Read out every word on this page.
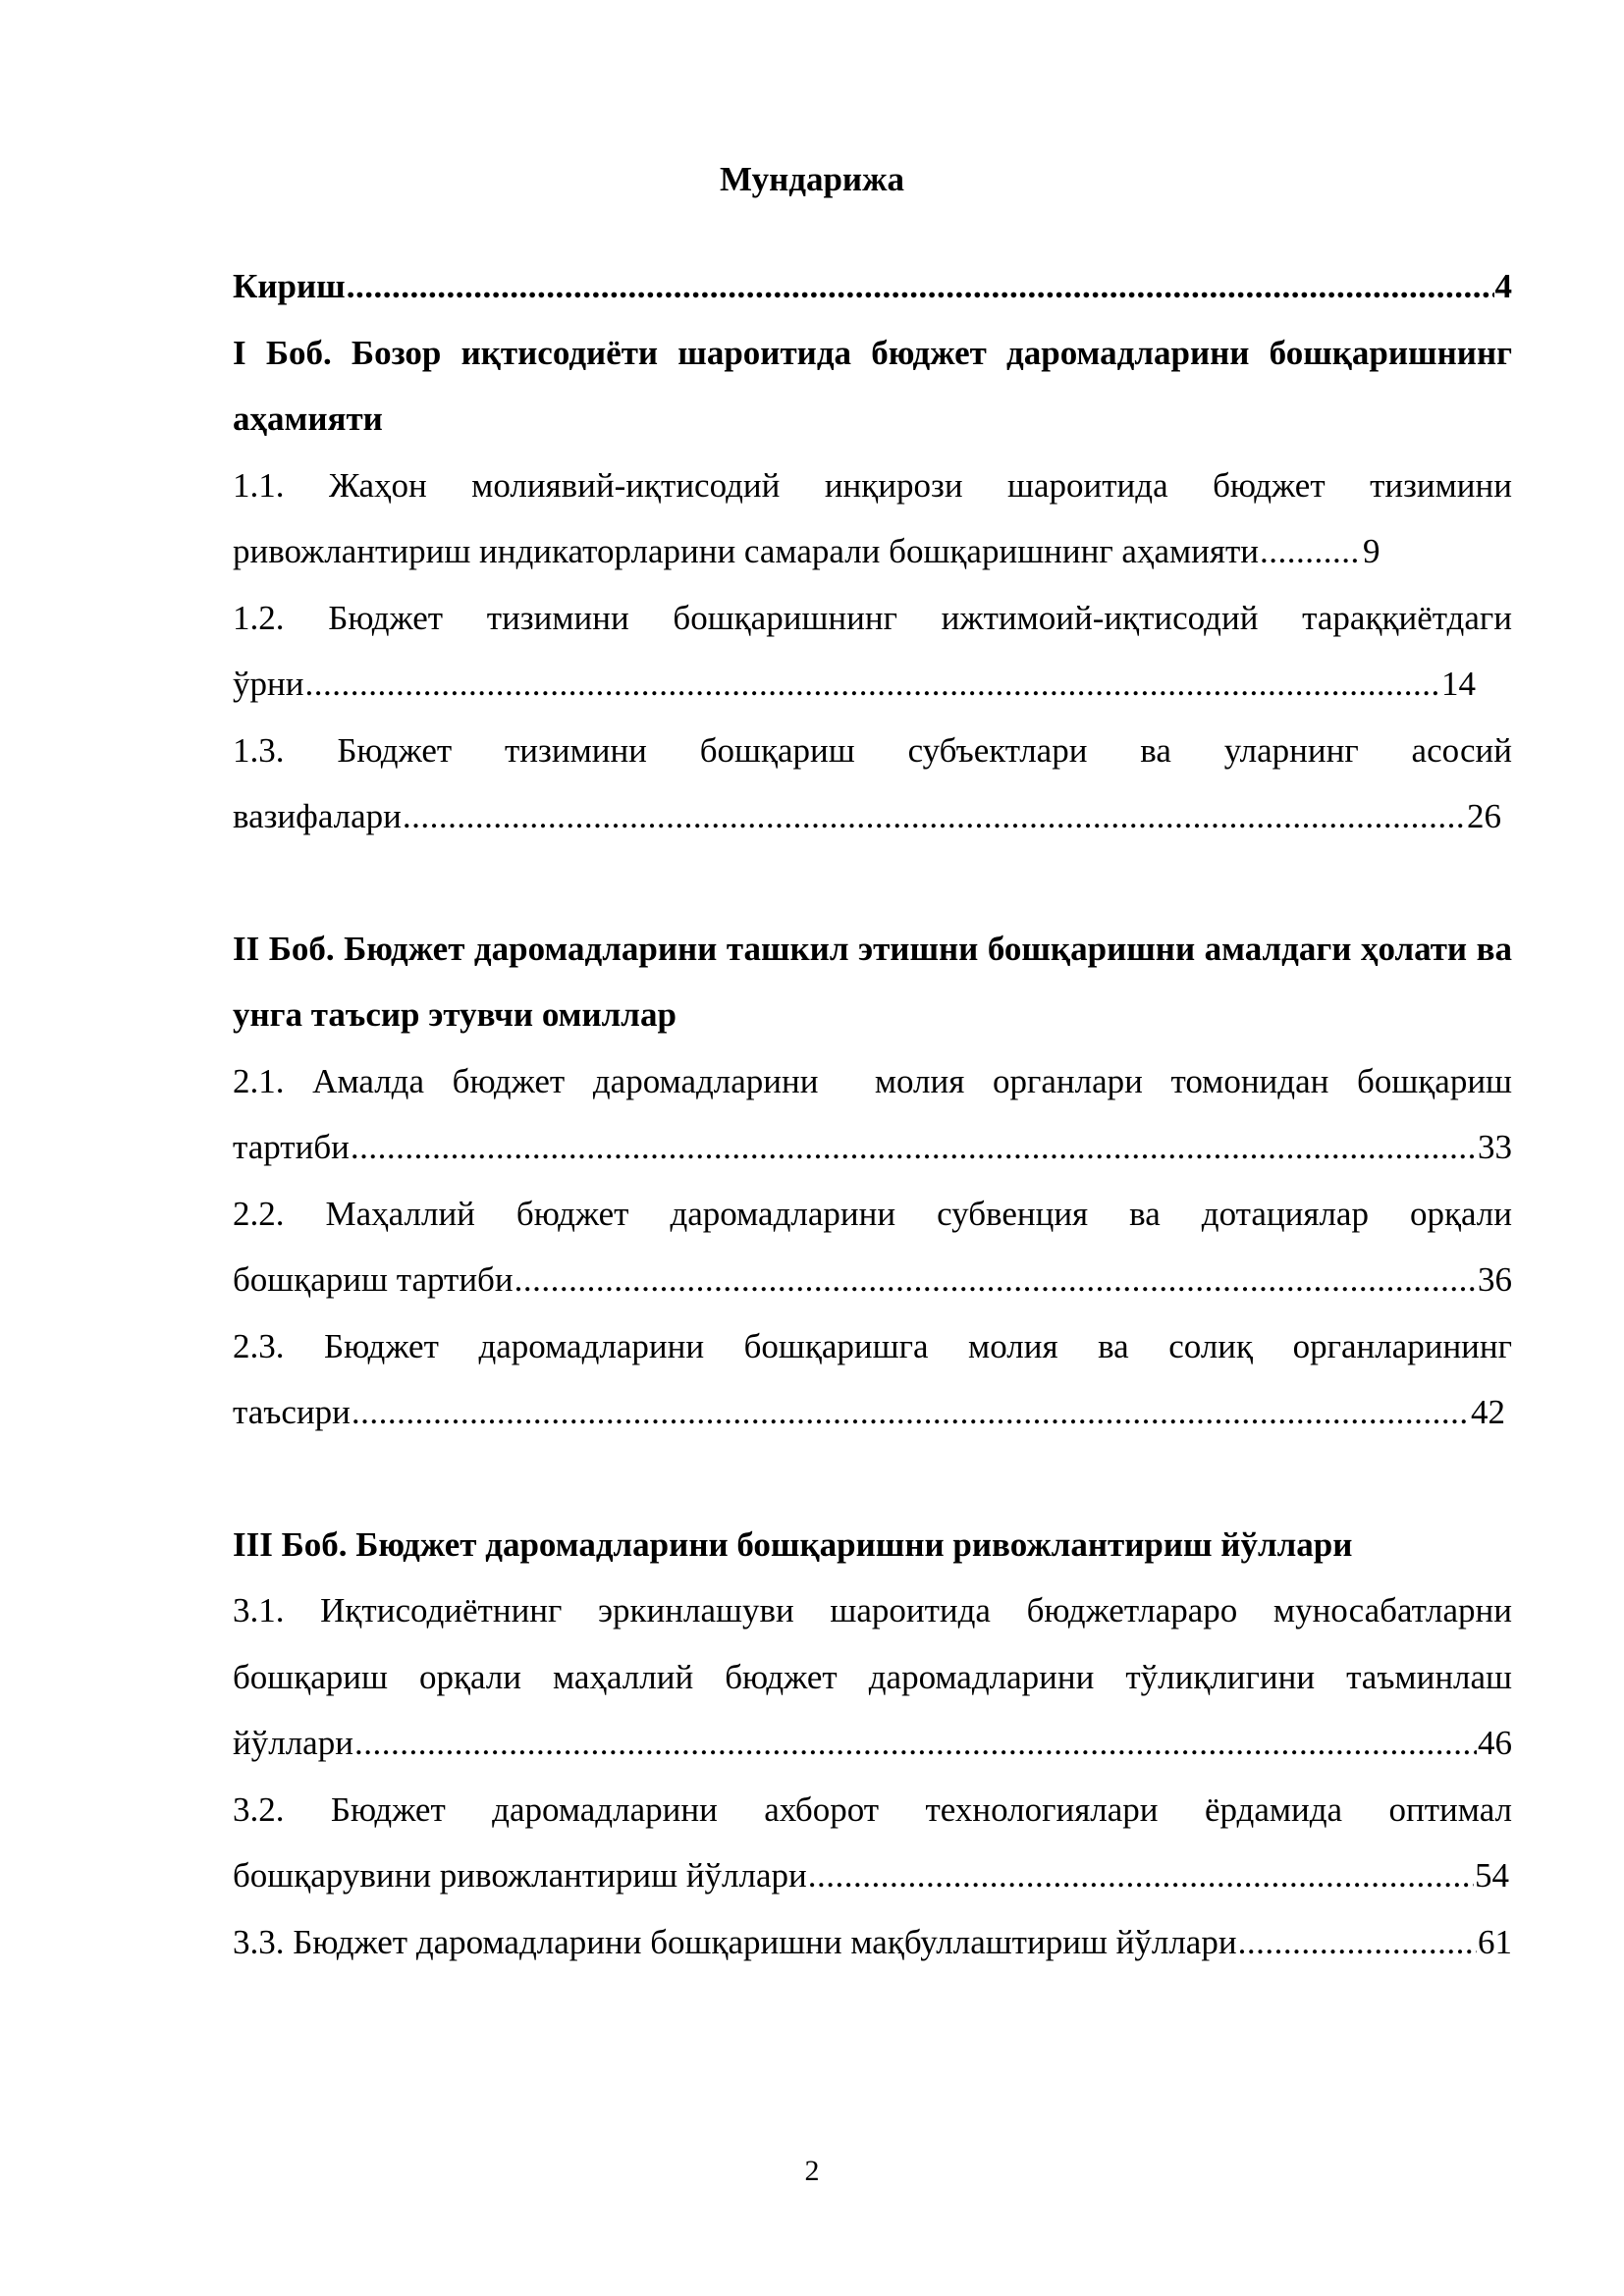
Мундарижа
Кириш .....	4
I Боб. Бозор иқтисодиёти шароитида бюджет даромадларини бошқаришнинг аҳамияти
1.1. Жаҳон молиявий-иқтисодий инқирози шароитида бюджет тизимини
ривожлантириш индикаторларини самарали бошқаришнинг аҳамияти .....	9
1.2. Бюджет тизимини бошқаришнинг ижтимоий-иқтисодий тараққиётдаги
ўрни .....	14
1.3. Бюджет тизимини бошқариш субъектлари ва уларнинг асосий
вазифалари .....	26
II Боб. Бюджет даромадларини ташкил этишни бошқаришни амалдаги ҳолати ва унга таъсир этувчи омиллар
2.1. Амалда бюджет даромадларини  молия органлари томонидан бошқариш
тартиби .....	33
2.2. Маҳаллий бюджет даромадларини субвенция ва дотациялар орқали
бошқариш тартиби .....	36
2.3. Бюджет даромадларини бошқаришга молия ва солиқ органларининг
таъсири .....	42
III Боб. Бюджет даромадларини бошқаришни ривожлантириш йўллари
3.1. Иқтисодиётнинг эркинлашуви шароитида бюджетлараро муносабатларни бошқариш орқали маҳаллий бюджет даромадларини тўлиқлигини таъминлаш
йўллари .....	46
3.2. Бюджет даромадларини ахборот технологиялари ёрдамида оптимал
бошқарувини ривожлантириш йўллари .....	54
3.3. Бюджет даромадларини бошқаришни мақбуллаштириш йўллари .....	61
2
